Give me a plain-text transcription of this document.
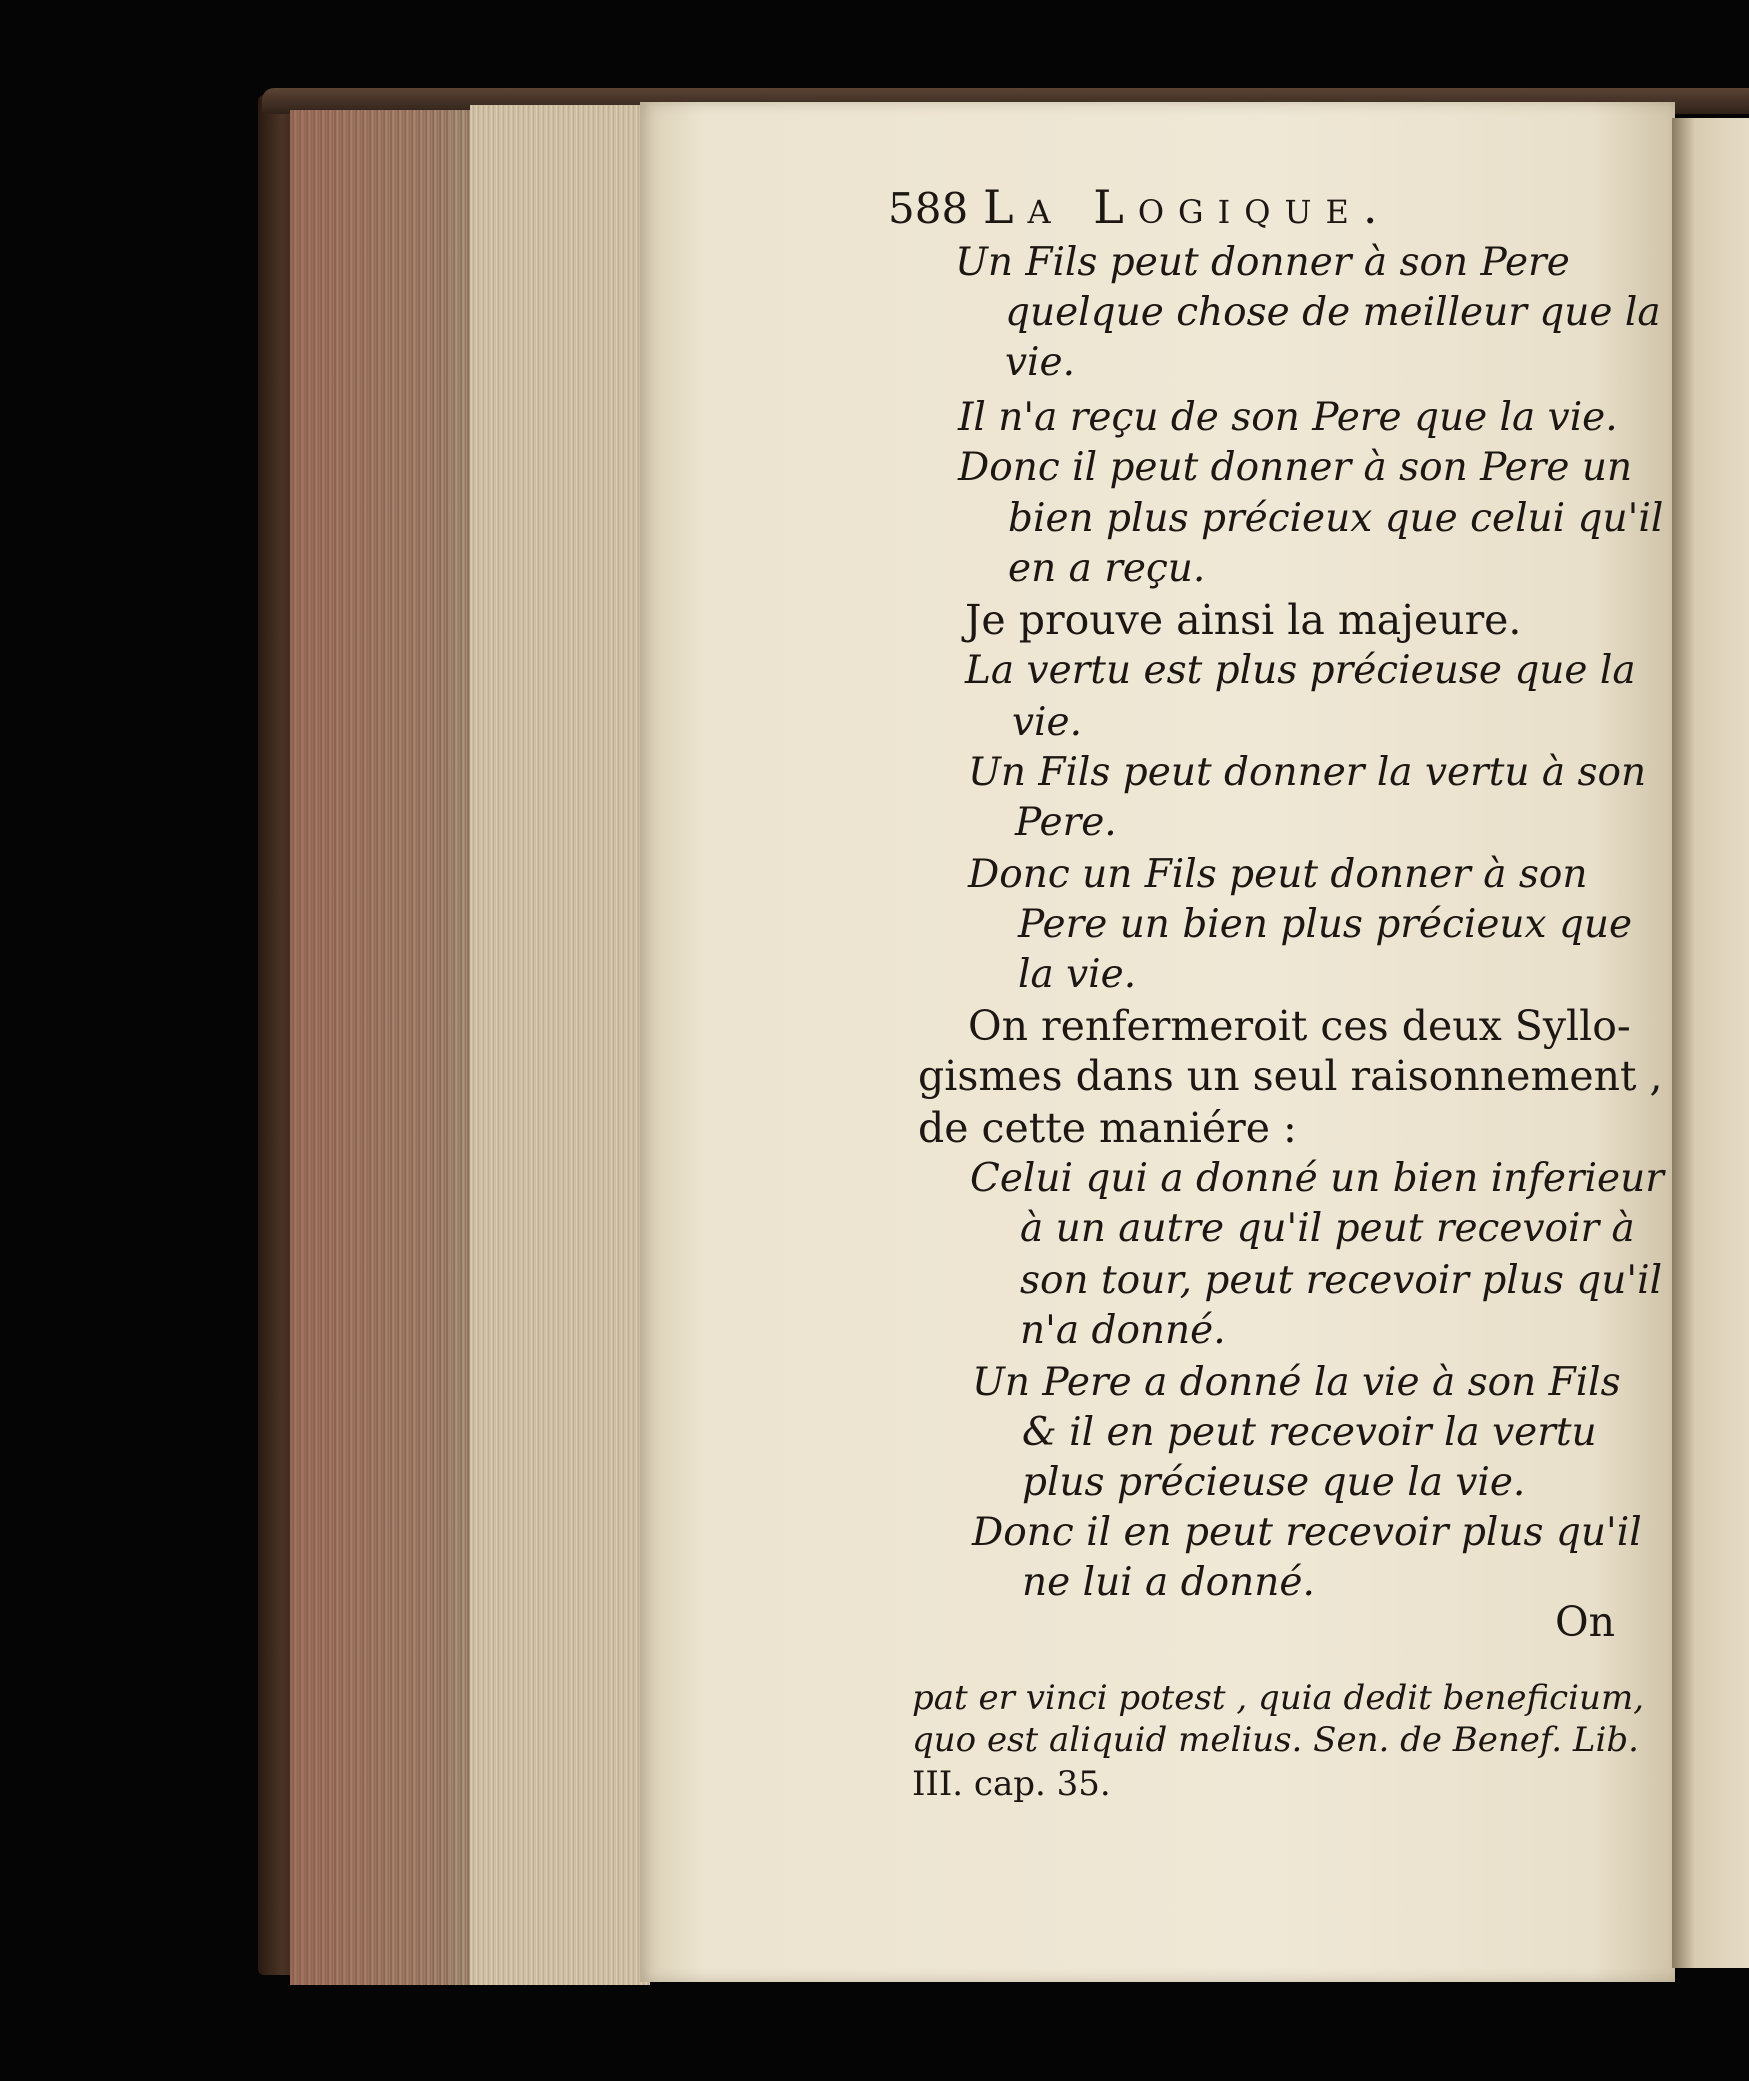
588 La Logique.
Un Fils peut donner à son Pere
quelque chose de meilleur que la
vie.
Il n'a reçu de son Pere que la vie.
Donc il peut donner à son Pere un
bien plus précieux que celui qu'il
en a reçu.
Je prouve ainsi la majeure.
La vertu est plus précieuse que la
vie.
Un Fils peut donner la vertu à son
Pere.
Donc un Fils peut donner à son
Pere un bien plus précieux que
la vie.
On renfermeroit ces deux Syllo-
gismes dans un seul raisonnement ,
de cette maniére :
Celui qui a donné un bien inferieur
à un autre qu'il peut recevoir à
son tour, peut recevoir plus qu'il
n'a donné.
Un Pere a donné la vie à son Fils
& il en peut recevoir la vertu
plus précieuse que la vie.
Donc il en peut recevoir plus qu'il
ne lui a donné.
On
pat er vinci potest , quia dedit beneficium,
quo est aliquid melius. Sen. de Benef. Lib.
III. cap. 35.
